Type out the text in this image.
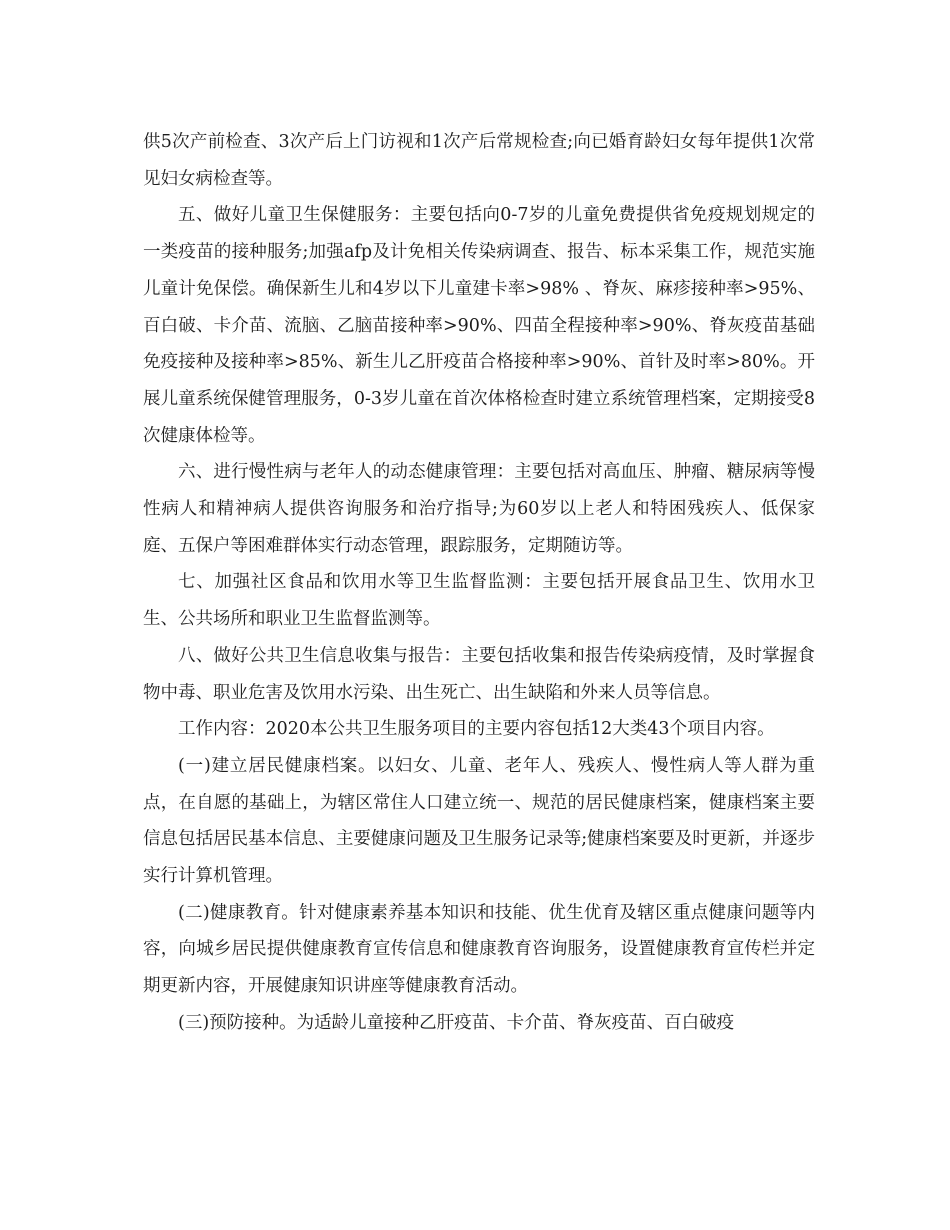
供5次产前检查、3次产后上门访视和1次产后常规检查;向已婚育龄妇女每年提供1次常见妇女病检查等。

五、做好儿童卫生保健服务：主要包括向0-7岁的儿童免费提供省免疫规划规定的一类疫苗的接种服务;加强afp及计免相关传染病调查、报告、标本采集工作，规范实施儿童计免保偿。确保新生儿和4岁以下儿童建卡率>98% 、脊灰、麻疹接种率>95%、百白破、卡介苗、流脑、乙脑苗接种率>90%、四苗全程接种率>90%、脊灰疫苗基础免疫接种及接种率>85%、新生儿乙肝疫苗合格接种率>90%、首针及时率>80%。开展儿童系统保健管理服务，0-3岁儿童在首次体格检查时建立系统管理档案，定期接受8次健康体检等。

六、进行慢性病与老年人的动态健康管理：主要包括对高血压、肿瘤、糖尿病等慢性病人和精神病人提供咨询服务和治疗指导;为60岁以上老人和特困残疾人、低保家庭、五保户等困难群体实行动态管理，跟踪服务，定期随访等。

七、加强社区食品和饮用水等卫生监督监测：主要包括开展食品卫生、饮用水卫生、公共场所和职业卫生监督监测等。

八、做好公共卫生信息收集与报告：主要包括收集和报告传染病疫情，及时掌握食物中毒、职业危害及饮用水污染、出生死亡、出生缺陷和外来人员等信息。

工作内容：2020本公共卫生服务项目的主要内容包括12大类43个项目内容。

(一)建立居民健康档案。以妇女、儿童、老年人、残疾人、慢性病人等人群为重点，在自愿的基础上，为辖区常住人口建立统一、规范的居民健康档案，健康档案主要信息包括居民基本信息、主要健康问题及卫生服务记录等;健康档案要及时更新，并逐步实行计算机管理。

(二)健康教育。针对健康素养基本知识和技能、优生优育及辖区重点健康问题等内容，向城乡居民提供健康教育宣传信息和健康教育咨询服务，设置健康教育宣传栏并定期更新内容，开展健康知识讲座等健康教育活动。

(三)预防接种。为适龄儿童接种乙肝疫苗、卡介苗、脊灰疫苗、百白破疫
